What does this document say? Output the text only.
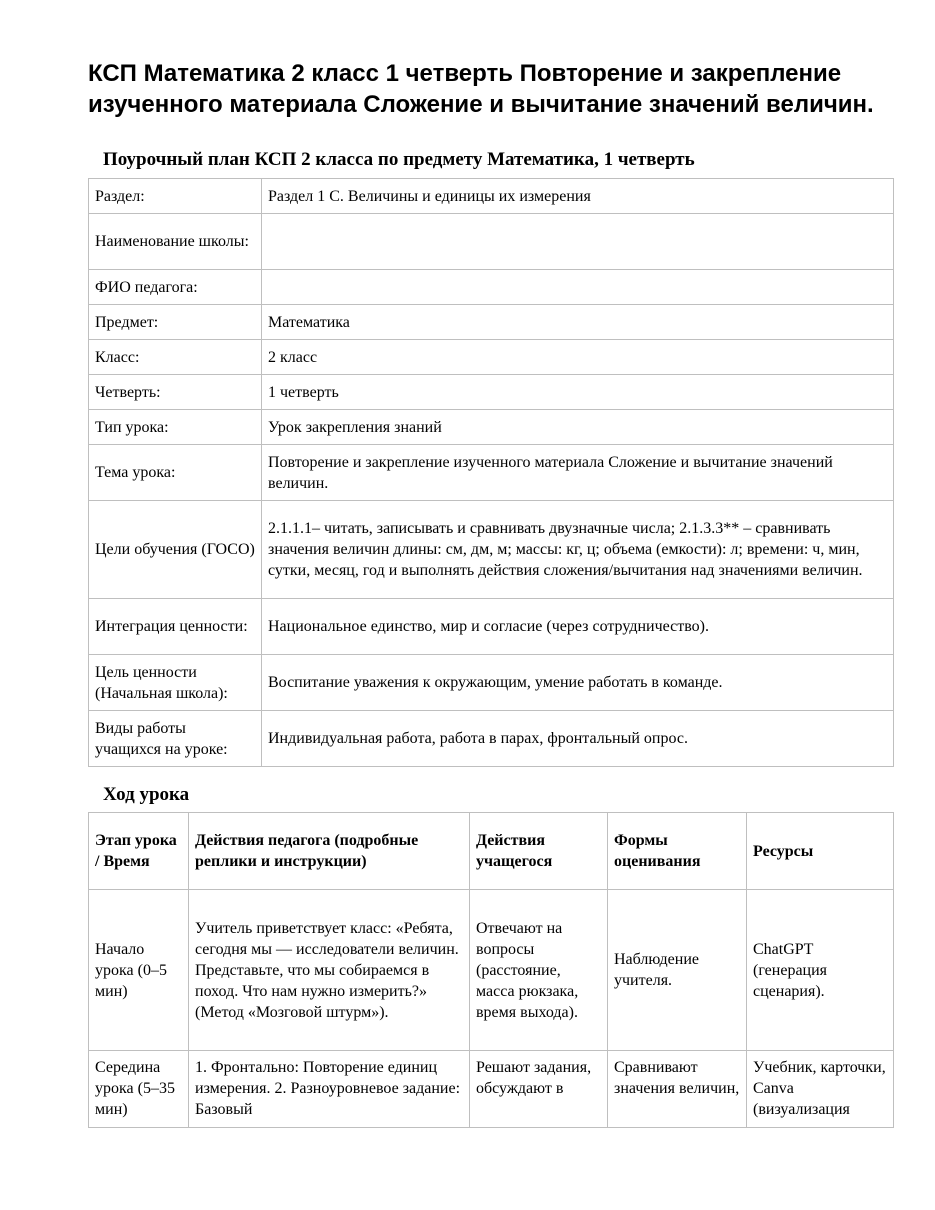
КСП Математика 2 класс 1 четверть Повторение и закрепление изученного материала Сложение и вычитание значений величин.
Поурочный план КСП 2 класса по предмету Математика, 1 четверть
Раздел:	Раздел 1 С. Величины и единицы их измерения
Наименование школы:	
ФИО педагога:	
Предмет:	Математика
Класс:	2 класс
Четверть:	1 четверть
Тип урока:	Урок закрепления знаний
Тема урока:	Повторение и закрепление изученного материала Сложение и вычитание значений величин.
Цели обучения (ГОСО)	2.1.1.1– читать, записывать и сравнивать двузначные числа; 2.1.3.3** – сравнивать значения величин длины: см, дм, м; массы: кг, ц; объема (емкости): л; времени: ч, мин, сутки, месяц, год и выполнять действия сложения/вычитания над значениями величин.
Интеграция ценности:	Национальное единство, мир и согласие (через сотрудничество).
Цель ценности (Начальная школа):	Воспитание уважения к окружающим, умение работать в команде.
Виды работы учащихся на уроке:	Индивидуальная работа, работа в парах, фронтальный опрос.
Ход урока
Этап урока / Время	Действия педагога (подробные реплики и инструкции)	Действия учащегося	Формы оценивания	Ресурсы
Начало урока (0–5 мин)	Учитель приветствует класс: «Ребята, сегодня мы — исследователи величин. Представьте, что мы собираемся в поход. Что нам нужно измерить?» (Метод «Мозговой штурм»).	Отвечают на вопросы (расстояние, масса рюкзака, время выхода).	Наблюдение учителя.	ChatGPT (генерация сценария).
Середина урока (5–35 мин)	1. Фронтально: Повторение единиц измерения. 2. Разноуровневое задание: Базовый	Решают задания, обсуждают в	Сравнивают значения величин,	Учебник, карточки, Canva (визуализация
